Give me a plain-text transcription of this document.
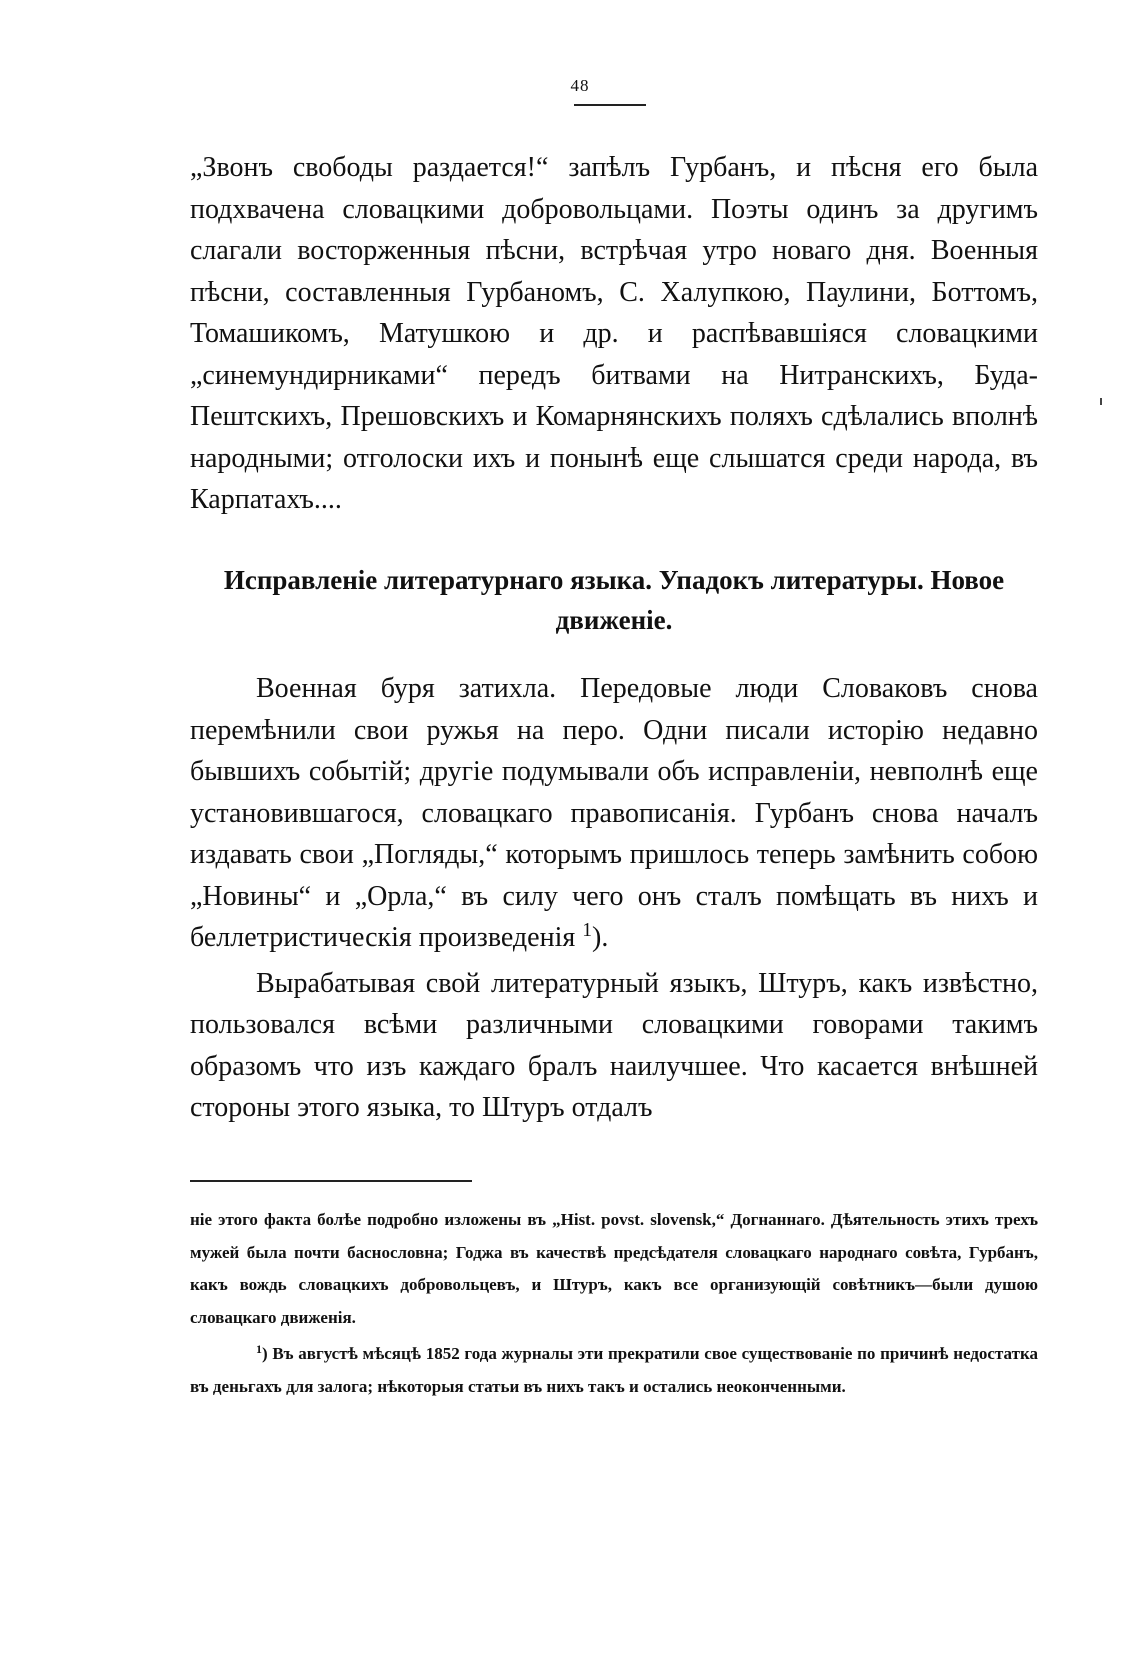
48

„Звонъ свободы раздается!“ запѣлъ Гурбанъ, и пѣсня его была подхвачена словацкими добровольцами. Поэты одинъ за другимъ слагали восторженныя пѣсни, встрѣчая утро новаго дня. Военныя пѣсни, составленныя Гурбаномъ, С. Халупкою, Паулини, Боттомъ, Томашикомъ, Матушкою и др. и распѣвавшіяся словацкими „синемундирниками“ передъ битвами на Нитранскихъ, Буда-Пештскихъ, Прешовскихъ и Комарнянскихъ поляхъ сдѣлались вполнѣ народными; отголоски ихъ и понынѣ еще слышатся среди народа, въ Карпатахъ....

Исправленіе литературнаго языка. Упадокъ литературы. Новое
движеніе.

Военная буря затихла. Передовые люди Словаковъ снова перемѣнили свои ружья на перо. Одни писали исторію недавно бывшихъ событій; другіе подумывали объ исправленіи, невполнѣ еще установившагося, словацкаго правописанія. Гурбанъ снова началъ издавать свои „Погляды,“ которымъ пришлось теперь замѣнить собою „Новины“ и „Орла,“ въ силу чего онъ сталъ помѣщать въ нихъ и беллетристическія произведенія $^1$).

Вырабатывая свой литературный языкъ, Штуръ, какъ извѣстно, пользовался всѣми различными словацкими говорами такимъ образомъ что изъ каждаго бралъ наилучшее. Что касается внѣшней стороны этого языка, то Штуръ отдалъ

ніе этого факта болѣе подробно изложены въ „Hist. povst. slovensk,“ Догнаннаго. Дѣятельность этихъ трехъ мужей была почти баснословна; Годжа въ качествѣ предсѣдателя словацкаго народнаго совѣта, Гурбанъ, какъ вождь словацкихъ добровольцевъ, и Штуръ, какъ все организующій совѣтникъ—были душою словацкаго движенія.

$^1$) Въ августѣ мѣсяцѣ 1852 года журналы эти прекратили свое существованіе по причинѣ недостатка въ деньгахъ для залога; нѣкоторыя статьи въ нихъ такъ и остались неоконченными.
